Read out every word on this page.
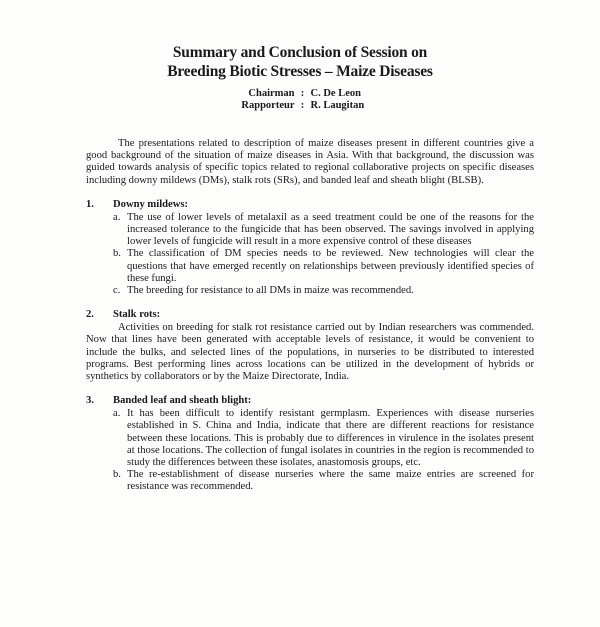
Summary and Conclusion of Session on
Breeding Biotic Stresses – Maize Diseases
Chairman : C. De Leon
Rapporteur : R. Laugitan

The presentations related to description of maize diseases present in different countries give a good background of the situation of maize diseases in Asia. With that background, the discussion was guided towards analysis of specific topics related to regional collaborative projects on specific diseases including downy mildews (DMs), stalk rots (SRs), and banded leaf and sheath blight (BLSB).

1.	Downy mildews:
a. The use of lower levels of metalaxil as a seed treatment could be one of the reasons for the increased tolerance to the fungicide that has been observed. The savings involved in applying lower levels of fungicide will result in a more expensive control of these diseases
b. The classification of DM species needs to be reviewed. New technologies will clear the questions that have emerged recently on relationships between previously identified species of these fungi.
c. The breeding for resistance to all DMs in maize was recommended.
2.	Stalk rots:

Activities on breeding for stalk rot resistance carried out by Indian researchers was commended. Now that lines have been generated with acceptable levels of resistance, it would be convenient to include the bulks, and selected lines of the populations, in nurseries to be distributed to interested programs. Best performing lines across locations can be utilized in the development of hybrids or synthetics by collaborators or by the Maize Directorate, India.

3.	Banded leaf and sheath blight:
a. It has been difficult to identify resistant germplasm. Experiences with disease nurseries established in S. China and India, indicate that there are different reactions for resistance between these locations. This is probably due to differences in virulence in the isolates present at those locations. The collection of fungal isolates in countries in the region is recommended to study the differences between these isolates, anastomosis groups, etc.
b. The re-establishment of disease nurseries where the same maize entries are screened for resistance was recommended.
